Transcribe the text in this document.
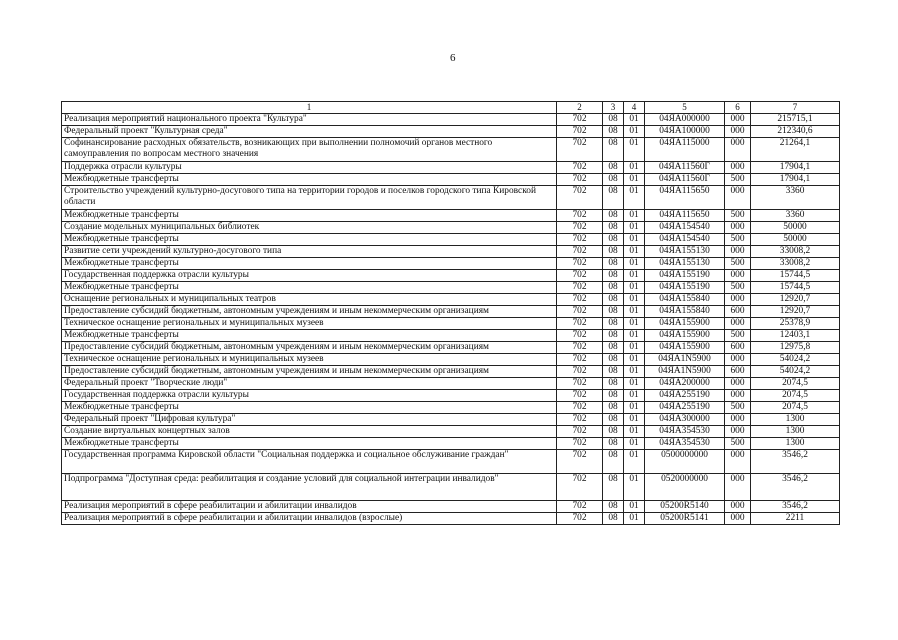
6
1	2	3	4	5	6	7
Реализация мероприятий национального проекта "Культура"	702	08	01	04ЯА000000	000	215715,1
Федеральный проект "Культурная среда"	702	08	01	04ЯА100000	000	212340,6
Софинансирование расходных обязательств, возникающих при выполнении полномочий органов местного самоуправления по вопросам местного значения	702	08	01	04ЯА115000	000	21264,1
Поддержка отрасли культуры	702	08	01	04ЯА11560Г	000	17904,1
Межбюджетные трансферты	702	08	01	04ЯА11560Г	500	17904,1
Строительство учреждений культурно-досугового типа на территории городов и поселков городского типа Кировской области	702	08	01	04ЯА115650	000	3360
Межбюджетные трансферты	702	08	01	04ЯА115650	500	3360
Создание модельных муниципальных библиотек	702	08	01	04ЯА154540	000	50000
Межбюджетные трансферты	702	08	01	04ЯА154540	500	50000
Развитие сети учреждений культурно-досугового типа	702	08	01	04ЯА155130	000	33008,2
Межбюджетные трансферты	702	08	01	04ЯА155130	500	33008,2
Государственная поддержка отрасли культуры	702	08	01	04ЯА155190	000	15744,5
Межбюджетные трансферты	702	08	01	04ЯА155190	500	15744,5
Оснащение региональных и муниципальных театров	702	08	01	04ЯА155840	000	12920,7
Предоставление субсидий бюджетным, автономным учреждениям и иным некоммерческим организациям	702	08	01	04ЯА155840	600	12920,7
Техническое оснащение региональных и муниципальных музеев	702	08	01	04ЯА155900	000	25378,9
Межбюджетные трансферты	702	08	01	04ЯА155900	500	12403,1
Предоставление субсидий бюджетным, автономным учреждениям и иным некоммерческим организациям	702	08	01	04ЯА155900	600	12975,8
Техническое оснащение региональных и муниципальных музеев	702	08	01	04ЯА1N5900	000	54024,2
Предоставление субсидий бюджетным, автономным учреждениям и иным некоммерческим организациям	702	08	01	04ЯА1N5900	600	54024,2
Федеральный проект "Творческие люди"	702	08	01	04ЯА200000	000	2074,5
Государственная поддержка отрасли культуры	702	08	01	04ЯА255190	000	2074,5
Межбюджетные трансферты	702	08	01	04ЯА255190	500	2074,5
Федеральный проект "Цифровая культура"	702	08	01	04ЯА300000	000	1300
Создание виртуальных концертных залов	702	08	01	04ЯА354530	000	1300
Межбюджетные трансферты	702	08	01	04ЯА354530	500	1300
Государственная программа Кировской области "Социальная поддержка и социальное обслуживание граждан"	702	08	01	0500000000	000	3546,2
Подпрограмма "Доступная среда: реабилитация и создание условий для социальной интеграции инвалидов"	702	08	01	0520000000	000	3546,2
Реализация мероприятий в сфере реабилитации и абилитации инвалидов	702	08	01	05200R5140	000	3546,2
Реализация мероприятий в сфере реабилитации и абилитации инвалидов (взрослые)	702	08	01	05200R5141	000	2211
